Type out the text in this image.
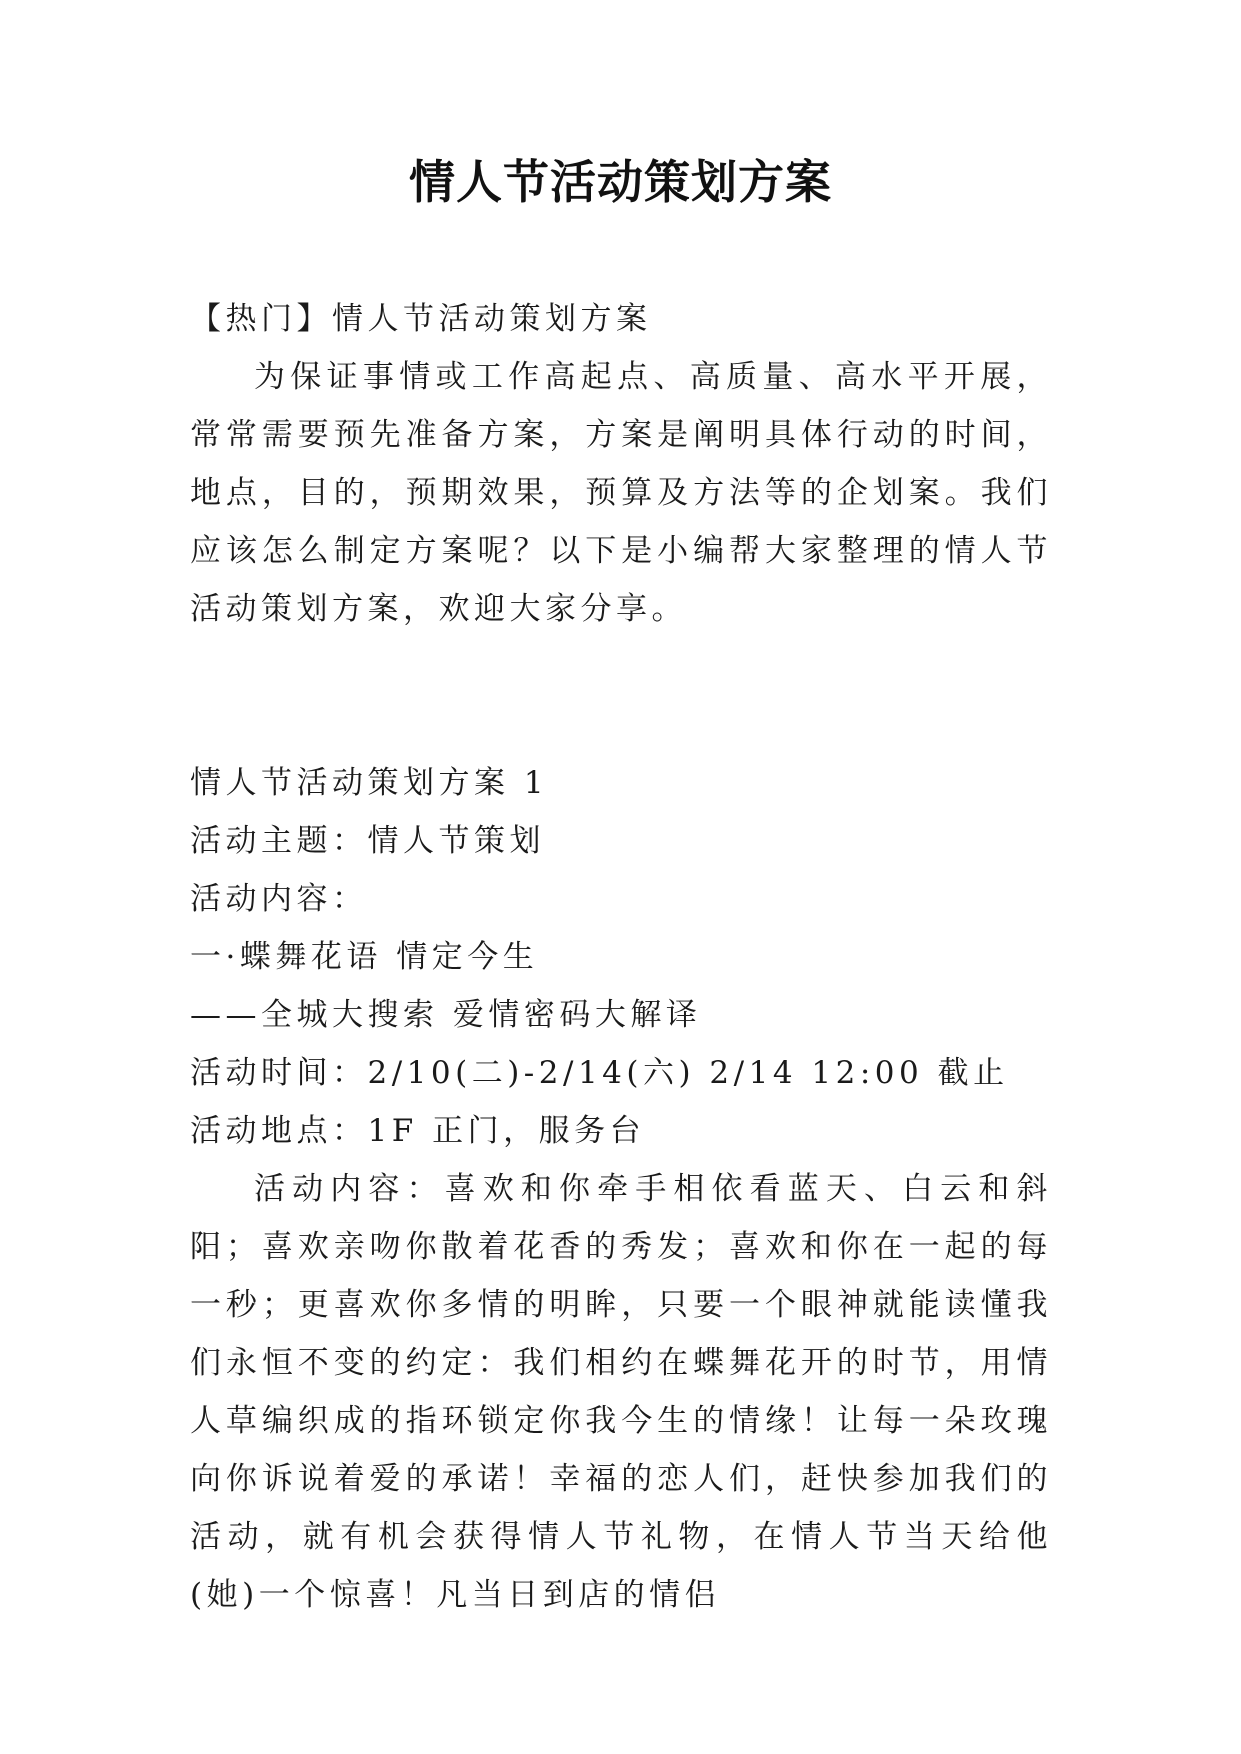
情人节活动策划方案

【热门】情人节活动策划方案

为保证事情或工作高起点、高质量、高水平开展，常常需要预先准备方案，方案是阐明具体行动的时间，地点，目的，预期效果，预算及方法等的企划案。我们应该怎么制定方案呢？以下是小编帮大家整理的情人节活动策划方案，欢迎大家分享。

情人节活动策划方案 1

活动主题：情人节策划

活动内容：

一·蝶舞花语 情定今生

——全城大搜索 爱情密码大解译

活动时间：2/10(二)-2/14(六) 2/14 12:00 截止

活动地点：1F 正门，服务台

活动内容：喜欢和你牵手相依看蓝天、白云和斜阳；喜欢亲吻你散着花香的秀发；喜欢和你在一起的每一秒；更喜欢你多情的明眸，只要一个眼神就能读懂我们永恒不变的约定：我们相约在蝶舞花开的时节，用情人草编织成的指环锁定你我今生的情缘！让每一朵玫瑰向你诉说着爱的承诺！幸福的恋人们，赶快参加我们的活动，就有机会获得情人节礼物，在情人节当天给他(她)一个惊喜！凡当日到店的情侣
